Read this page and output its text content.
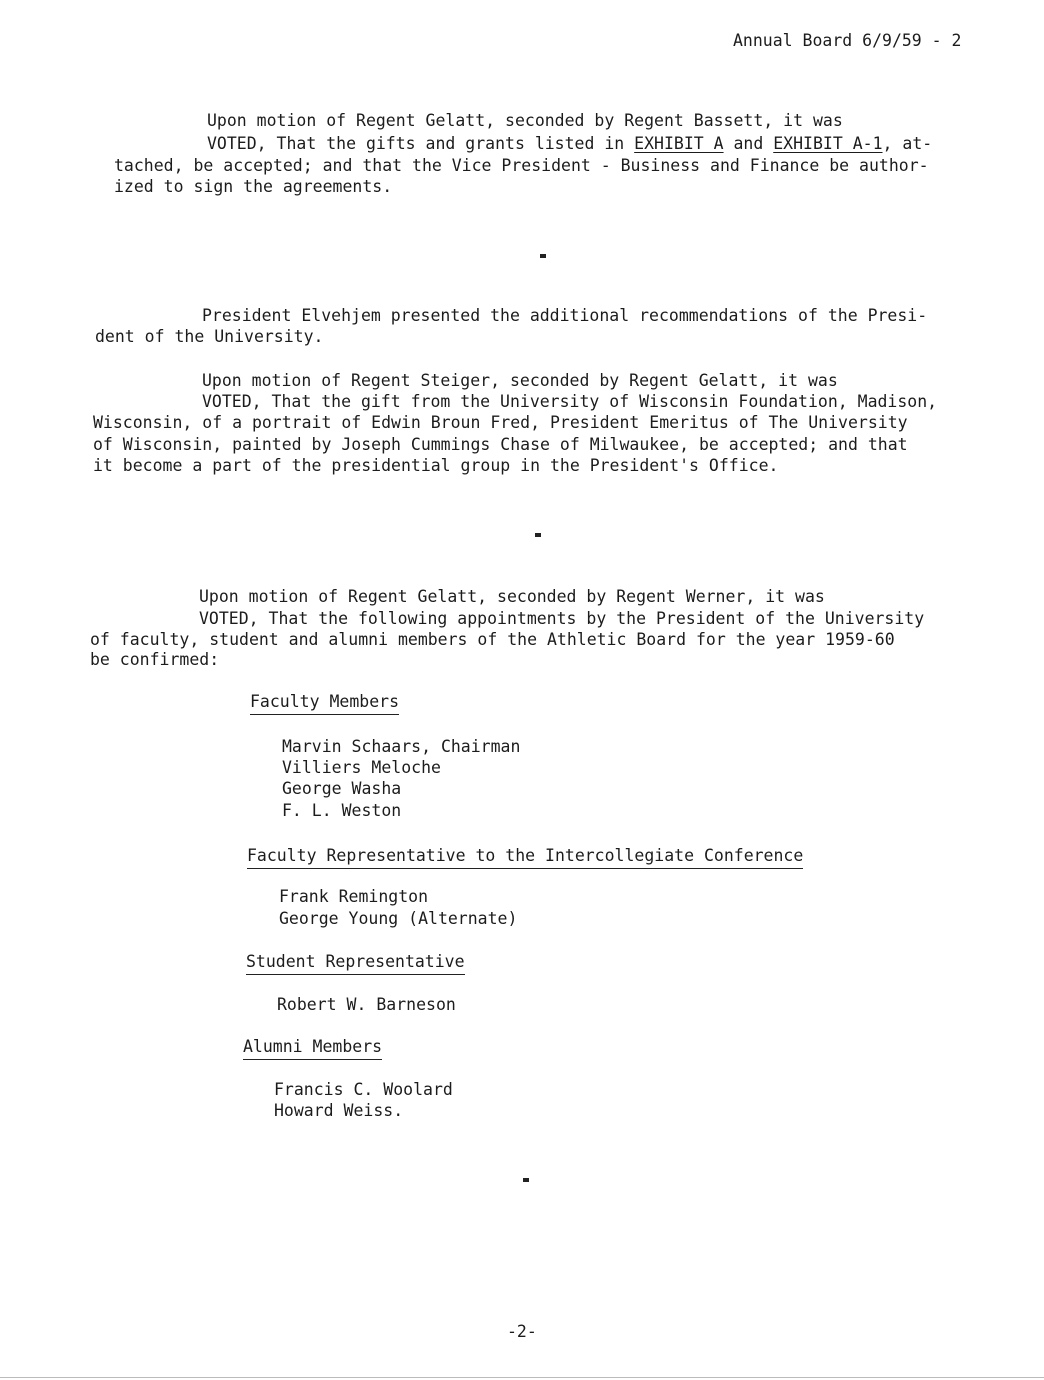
Annual Board 6/9/59 - 2
Upon motion of Regent Gelatt, seconded by Regent Bassett, it was
VOTED, That the gifts and grants listed in EXHIBIT A and EXHIBIT A-1, at-
tached, be accepted; and that the Vice President - Business and Finance be author-
ized to sign the agreements.
President Elvehjem presented the additional recommendations of the Presi-
dent of the University.
Upon motion of Regent Steiger, seconded by Regent Gelatt, it was
VOTED, That the gift from the University of Wisconsin Foundation, Madison,
Wisconsin, of a portrait of Edwin Broun Fred, President Emeritus of The University
of Wisconsin, painted by Joseph Cummings Chase of Milwaukee, be accepted; and that
it become a part of the presidential group in the President's Office.
Upon motion of Regent Gelatt, seconded by Regent Werner, it was
VOTED, That the following appointments by the President of the University
of faculty, student and alumni members of the Athletic Board for the year 1959-60
be confirmed:
Faculty Members
Marvin Schaars, Chairman
Villiers Meloche
George Washa
F. L. Weston
Faculty Representative to the Intercollegiate Conference
Frank Remington
George Young (Alternate)
Student Representative
Robert W. Barneson
Alumni Members
Francis C. Woolard
Howard Weiss.
-2-
